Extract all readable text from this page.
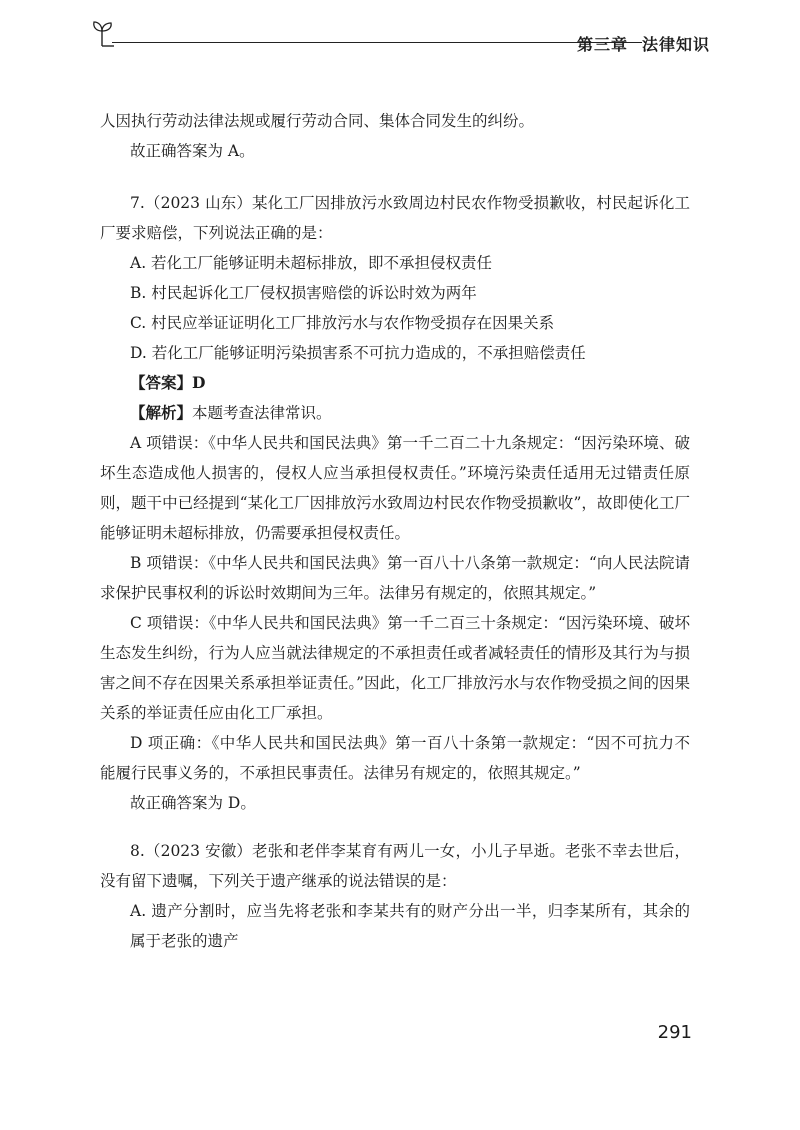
第三章 法律知识

人因执行劳动法律法规或履行劳动合同、集体合同发生的纠纷。

故正确答案为 A。

7.（2023 山东）某化工厂因排放污水致周边村民农作物受损歉收，村民起诉化工厂要求赔偿，下列说法正确的是：

A. 若化工厂能够证明未超标排放，即不承担侵权责任

B. 村民起诉化工厂侵权损害赔偿的诉讼时效为两年

C. 村民应举证证明化工厂排放污水与农作物受损存在因果关系

D. 若化工厂能够证明污染损害系不可抗力造成的，不承担赔偿责任

【答案】D

【解析】本题考查法律常识。

A 项错误：《中华人民共和国民法典》第一千二百二十九条规定：“因污染环境、破坏生态造成他人损害的，侵权人应当承担侵权责任。”环境污染责任适用无过错责任原则，题干中已经提到“某化工厂因排放污水致周边村民农作物受损歉收”，故即使化工厂能够证明未超标排放，仍需要承担侵权责任。

B 项错误：《中华人民共和国民法典》第一百八十八条第一款规定：“向人民法院请求保护民事权利的诉讼时效期间为三年。法律另有规定的，依照其规定。”

C 项错误：《中华人民共和国民法典》第一千二百三十条规定：“因污染环境、破坏生态发生纠纷，行为人应当就法律规定的不承担责任或者减轻责任的情形及其行为与损害之间不存在因果关系承担举证责任。”因此，化工厂排放污水与农作物受损之间的因果关系的举证责任应由化工厂承担。

D 项正确：《中华人民共和国民法典》第一百八十条第一款规定：“因不可抗力不能履行民事义务的，不承担民事责任。法律另有规定的，依照其规定。”

故正确答案为 D。

8.（2023 安徽）老张和老伴李某育有两儿一女，小儿子早逝。老张不幸去世后，没有留下遗嘱，下列关于遗产继承的说法错误的是：

A. 遗产分割时，应当先将老张和李某共有的财产分出一半，归李某所有，其余的属于老张的遗产

291
